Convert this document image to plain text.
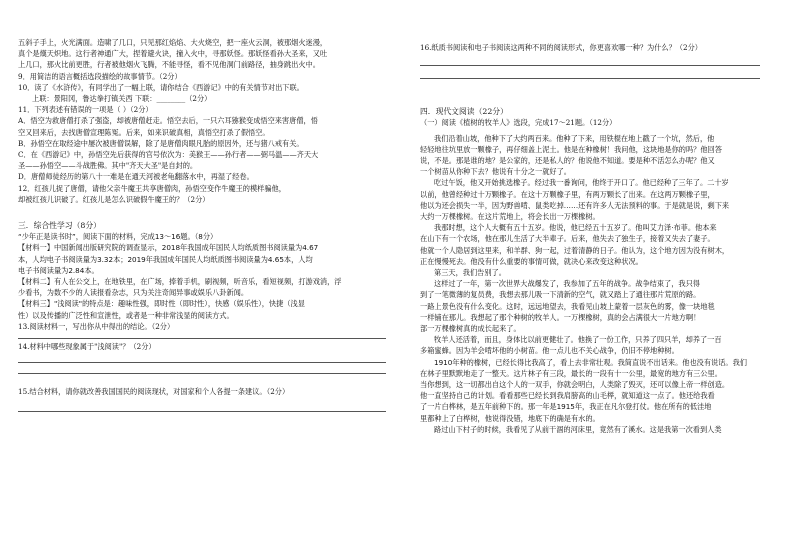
五斜子手上，火光满面。造啸了几口，只见那红焰焰、大火烧空，把一座火云洞，被那烟火迷漫，
真个是熯天炽地。这行者神通广大，捏着避火诀，撞入火中，寻那妖怪。那妖怪看孙大圣来，又吐
上几口，那火比前更胜，行者被他烟火飞腾，不能寻怪，看不见他洞门前路径，抽身跳出火中。
9．用简洁的语言概括选段描绘的故事情节。（2分）
10．读了《水浒传》，有同学出了一幅上联，请你结合《西游记》中的有关情节对出下联。
上联：景阳冈，鲁达拳打镇关西 下联：________（2分）
11．下列表述有错误的一项是（ ）（2分）
A．悟空为救唐僧打杀了强盗，却被唐僧赶走。悟空去后，一只六耳猕猴变成悟空来害唐僧，悟
空又回来后，去找唐僧宣理陈冤。后来，如来识破真相，真悟空打杀了假悟空。
B．孙悟空在取经途中屡次被唐僧误解，除了是唐僧肉眼凡胎的原因外，还与猪八戒有关。
C．在《西游记》中，孙悟空先后获得的官号依次为：美猴王——孙行者——弼马温——齐天大
圣——孙悟空——斗战胜佛。其中"齐天大圣"是自封的。
D．唐僧师徒经历的第八十一难是在通天河被老龟翻落水中，再湿了经卷。
12．红孩儿捉了唐僧，请他父亲牛魔王共享唐僧肉，孙悟空变作牛魔王的模样骗他，
却被红孩儿识破了。红孩儿是怎么识破假牛魔王的？（2分）
三．综合性学习（8分）
“少年正是读书时”，阅读下面的材料，完成13～16题。（8分）
【材料一】中国新闻出版研究院的调查显示，2018年我国成年国民人均纸质图书阅读量为4.67
本，人均电子书阅读量为3.32本；2019年我国成年国民人均纸质图书阅读量为4.65本，人均
电子书阅读量为2.84本。
【材料二】有人在公交上，在地铁里，在广场，捧着手机，刷视频，听音乐，看短视频，打游戏消，浮
少看书，为数不少的人读报看杂志，只为关注奇闻异事或娱乐八卦新闻。
【材料三】"浅阅读"的特点是：趣味性强，即时性（即时性），快感（娱乐性），快捷（浅显
性）以及传播的广泛性和宣泄性，或者是一种非常浅显的阅读方式。
13.阅读材料一，写出你从中得出的结论。（2分）
14.材料中哪些现象属于"浅阅读"？（2分）
15.结合材料，请你就改善我国国民的阅读现状，对国家和个人各提一条建议。（2分）
16.纸质书阅读和电子书阅读这两种不同的阅读形式，你更喜欢哪一种？为什么？（2分）
四．现代文阅读（22分）
（一）阅读《植树的牧羊人》选段，完成17～21题。（12分）
我们沿着山坡，他种下了大约两百来。他种了下来，用铁棍在地上戳了一个坑，然后，他
轻轻地往坑里放一颗橡子，再仔细盖上泥土。他是在种橡树！我问他，这块地是你的吗？他回答
说，不是。那是谁的地？是公家的，还是私人的？他说他不知道。要是种不活怎么办呢？他又
一个树苗从你种下去？他说有十分之一就好了。
吃过午饭，他又开始挑选橡子。经过我一番询问，他终于开口了。他已经种了三年了。二十岁
以前，他曾经种过十万颗橡子。在这十万颗橡子里，有两万颗长了出来。在这两万颗橡子里，
他以为还会损失一半，因为野兽啃、鼠类吃掉……还有许多人无法预料的事。于是就是说，剩下来
大约一万棵橡树。在这片荒地上，将会长出一万棵橡树。
我那时想，这个人大概有五十五岁。他说，他已经五十五岁了。他叫艾力泽·布菲。他本来
在山下有一个农场，他在那儿生活了大半辈子。后来，他失去了独生子，接着又失去了妻子。
他就一个人隐居到这里来，和羊群、狗一起，过着清静的日子。他认为，这个地方因为没有树木，
正在慢慢死去。他没有什么重要的事情可做，就决心来改变这种状况。
第三天，我们告别了。
这样过了一年，第一次世界大战爆发了，我参加了五年的战争。战争结束了，我只得
到了一笔微薄的复员费，我想去那儿吸一下清新的空气，就又踏上了通往那片荒原的路。
一路上景色没有什么变化。这时，远远地望去，我看见山坡上蒙着一层灰色的雾，像一块地毯
一样铺在那儿。我想起了那个种树的牧羊人。一万棵橡树，真的会占满很大一片地方啊！
部一万棵橡树真的成长起来了。
牧羊人还活着，而且，身体比以前更健壮了。他换了一份工作，只养了四只羊，却养了一百
多箱蜜蜂。因为羊会啃坏他的小树苗。他一点儿也不关心战争，仍旧不停地种树。
1910年种的橡树，已经长得比我高了，看上去非常壮观。我简直说不出话来。他也没有说话。我们
在林子里默默地走了一整天。这片林子有三段，最长的一段有十一公里，最宽的地方有三公里。
当你想到，这一切都出自这个人的一双手，你就会明白，人类除了毁灭，还可以像上帝一样创造。
他一直坚持自己的计划。看看那些已经长到我肩膀高的山毛榉，就知道这一点了。他还给我看
了一片白桦林，是五年前种下的。那一年是1915年，我正在凡尔登打仗。他在所有的低洼地
里都种上了白桦树，他说得没错，地底下的确是有水的。
路过山下村子的时候，我看见了从前干涸的河床里，竟然有了溪水。这是我第一次看到人类
